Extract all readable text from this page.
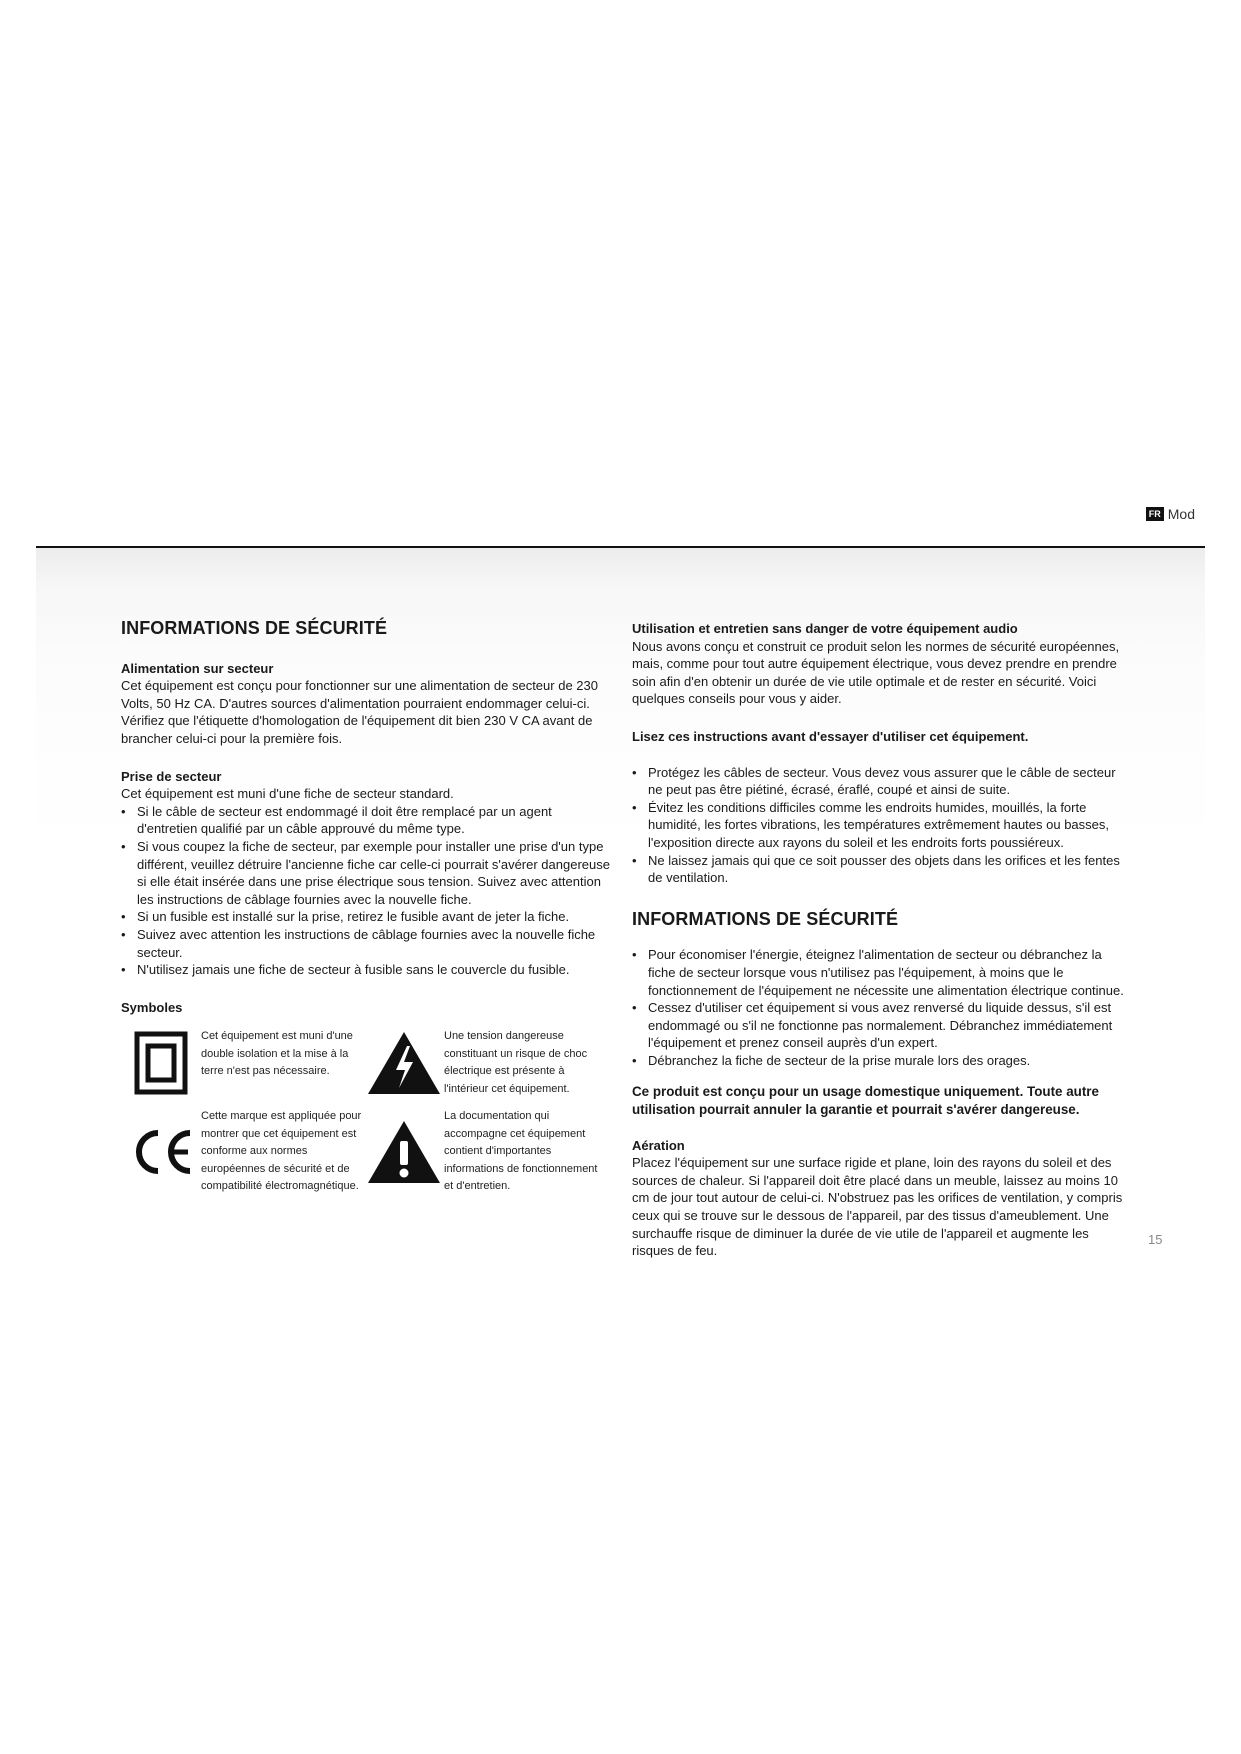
FR Mod
INFORMATIONS DE SÉCURITÉ

Alimentation sur secteur

Cet équipement est conçu pour fonctionner sur une alimentation de secteur de 230 Volts, 50 Hz CA. D'autres sources d'alimentation pourraient endommager celui-ci. Vérifiez que l'étiquette d'homologation de l'équipement dit bien 230 V CA avant de brancher celui-ci pour la première fois.

Prise de secteur

Cet équipement est muni d'une fiche de secteur standard.

• Si le câble de secteur est endommagé il doit être remplacé par un agent d'entretien qualifié par un câble approuvé du même type.
• Si vous coupez la fiche de secteur, par exemple pour installer une prise d'un type différent, veuillez détruire l'ancienne fiche car celle-ci pourrait s'avérer dangereuse si elle était insérée dans une prise électrique sous tension. Suivez avec attention les instructions de câblage fournies avec la nouvelle fiche.
• Si un fusible est installé sur la prise, retirez le fusible avant de jeter la fiche.
• Suivez avec attention les instructions de câblage fournies avec la nouvelle fiche secteur.
• N'utilisez jamais une fiche de secteur à fusible sans le couvercle du fusible.

Symboles

Cet équipement est muni d'une double isolation et la mise à la terre n'est pas nécessaire.
Une tension dangereuse constituant un risque de choc électrique est présente à l'intérieur cet équipement.
Cette marque est appliquée pour montrer que cet équipement est conforme aux normes européennes de sécurité et de compatibilité électromagnétique.
La documentation qui accompagne cet équipement contient d'importantes informations de fonctionnement et d'entretien.

Utilisation et entretien sans danger de votre équipement audio

Nous avons conçu et construit ce produit selon les normes de sécurité européennes, mais, comme pour tout autre équipement électrique, vous devez prendre en prendre soin afin d'en obtenir un durée de vie utile optimale et de rester en sécurité. Voici quelques conseils pour vous y aider.

Lisez ces instructions avant d'essayer d'utiliser cet équipement.

• Protégez les câbles de secteur. Vous devez vous assurer que le câble de secteur ne peut pas être piétiné, écrasé, éraflé, coupé et ainsi de suite.
• Évitez les conditions difficiles comme les endroits humides, mouillés, la forte humidité, les fortes vibrations, les températures extrêmement hautes ou basses, l'exposition directe aux rayons du soleil et les endroits forts poussiéreux.
• Ne laissez jamais qui que ce soit pousser des objets dans les orifices et les fentes de ventilation.
INFORMATIONS DE SÉCURITÉ
• Pour économiser l'énergie, éteignez l'alimentation de secteur ou débranchez la fiche de secteur lorsque vous n'utilisez pas l'équipement, à moins que le fonctionnement de l'équipement ne nécessite une alimentation électrique continue.
• Cessez d'utiliser cet équipement si vous avez renversé du liquide dessus, s'il est endommagé ou s'il ne fonctionne pas normalement. Débranchez immédiatement l'équipement et prenez conseil auprès d'un expert.
• Débranchez la fiche de secteur de la prise murale lors des orages.

Ce produit est conçu pour un usage domestique uniquement. Toute autre utilisation pourrait annuler la garantie et pourrait s'avérer dangereuse.

Aération

Placez l'équipement sur une surface rigide et plane, loin des rayons du soleil et des sources de chaleur. Si l'appareil doit être placé dans un meuble, laissez au moins 10 cm de jour tout autour de celui-ci. N'obstruez pas les orifices de ventilation, y compris ceux qui se trouve sur le dessous de l'appareil, par des tissus d'ameublement. Une surchauffe risque de diminuer la durée de vie utile de l'appareil et augmente les risques de feu.

15
